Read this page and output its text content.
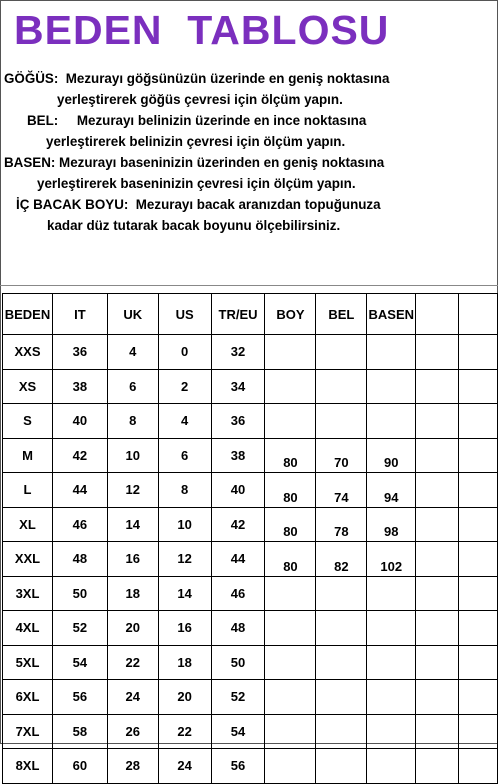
BEDEN  TABLOSU

GÖĞÜS:  Mezurayı göğsünüzün üzerinde en geniş noktasına

yerleştirerek göğüs çevresi için ölçüm yapın.

BEL:     Mezurayı belinizin üzerinde en ince noktasına

yerleştirerek belinizin çevresi için ölçüm yapın.

BASEN: Mezurayı baseninizin üzerinden en geniş noktasına

yerleştirerek baseninizin çevresi için ölçüm yapın.

İÇ BACAK BOYU:  Mezurayı bacak aranızdan topuğunuza

kadar düz tutarak bacak boyunu ölçebilirsiniz.

BEDEN	IT	UK	US	TR/EU	BOY	BEL	BASEN		
XXS	36	4	0	32					
XS	38	6	2	34					
S	40	8	4	36					
M	42	10	6	38	80	70	90		
L	44	12	8	40	80	74	94		
XL	46	14	10	42	80	78	98		
XXL	48	16	12	44	80	82	102		
3XL	50	18	14	46					
4XL	52	20	16	48					
5XL	54	22	18	50					
6XL	56	24	20	52					
7XL	58	26	22	54					
8XL	60	28	24	56					
